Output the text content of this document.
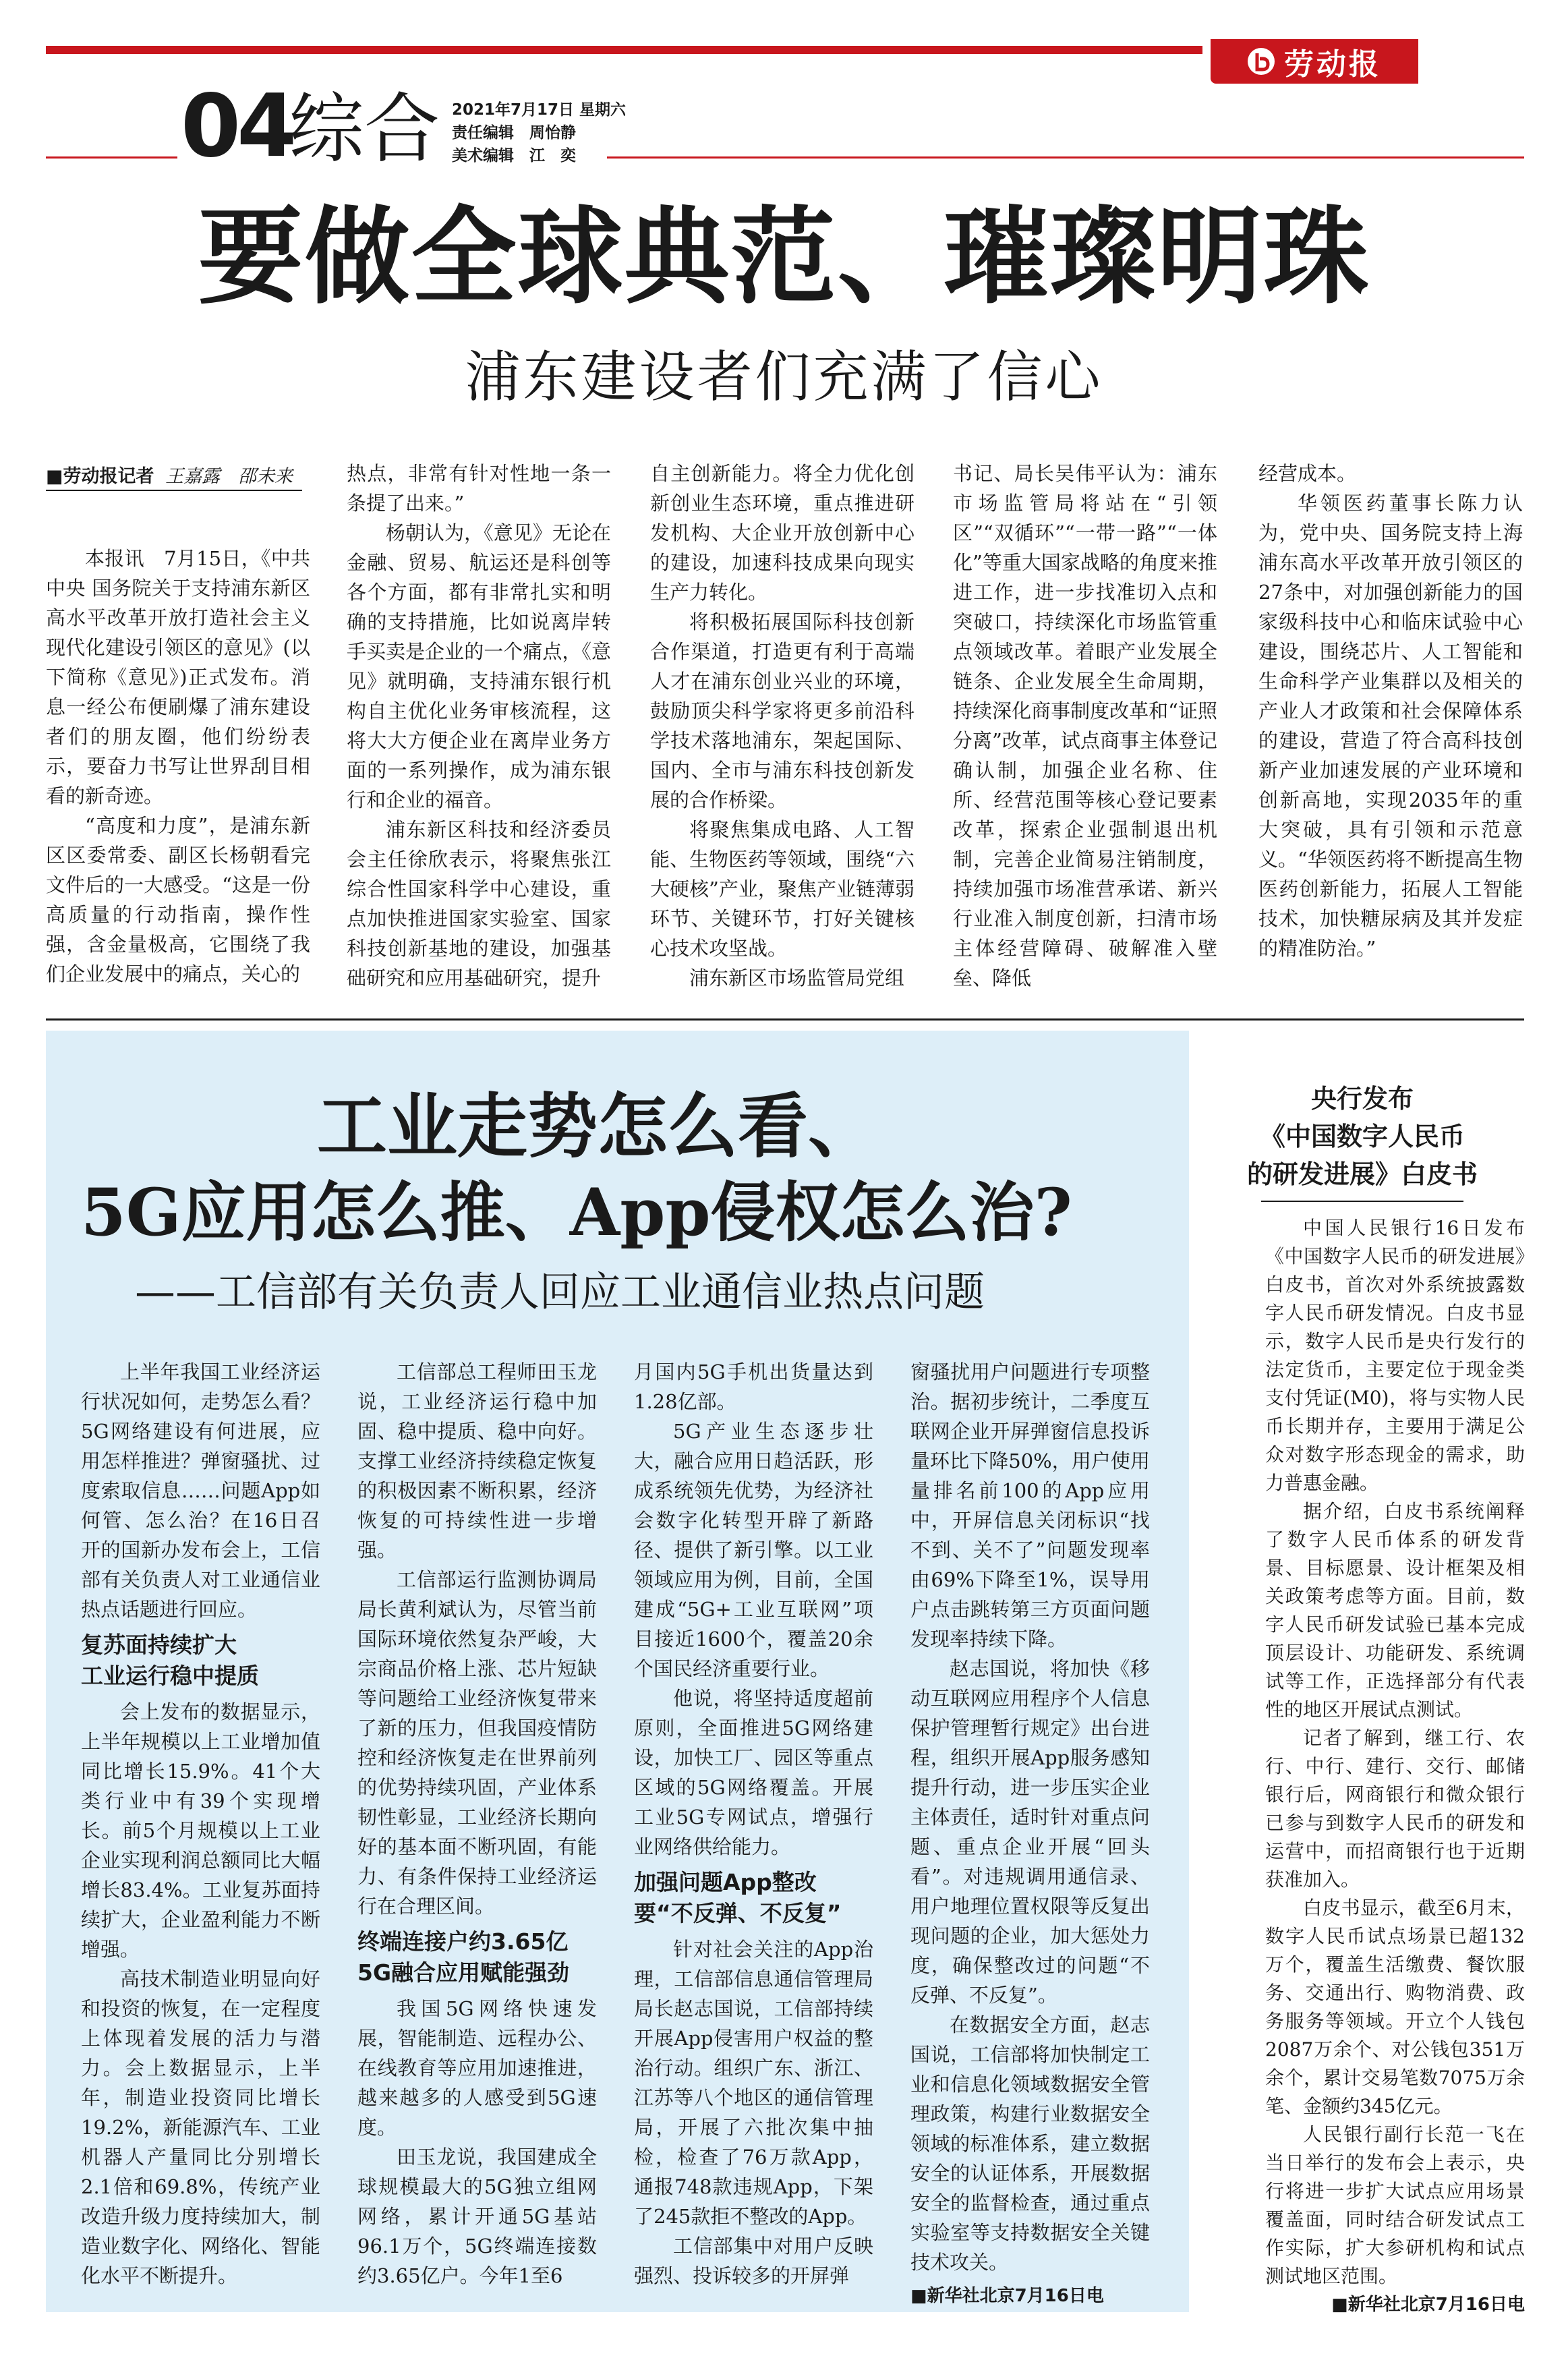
劳动报
04
综合 2021年7月17日 星期六
责任编辑　周怡静
美术编辑　江　奕
要做全球典范、璀璨明珠
浦东建设者们充满了信心
■劳动报记者 王嘉露　邵未来

本报讯　7月15日，《中共中央 国务院关于支持浦东新区高水平改革开放打造社会主义现代化建设引领区的意见》(以下简称《意见》)正式发布。消息一经公布便刷爆了浦东建设者们的朋友圈，他们纷纷表示，要奋力书写让世界刮目相看的新奇迹。

“高度和力度”，是浦东新区区委常委、副区长杨朝看完文件后的一大感受。“这是一份高质量的行动指南，操作性强，含金量极高，它围绕了我们企业发展中的痛点，关心的

热点，非常有针对性地一条一条提了出来。”

杨朝认为，《意见》无论在金融、贸易、航运还是科创等各个方面，都有非常扎实和明确的支持措施，比如说离岸转手买卖是企业的一个痛点，《意见》就明确，支持浦东银行机构自主优化业务审核流程，这将大大方便企业在离岸业务方面的一系列操作，成为浦东银行和企业的福音。

浦东新区科技和经济委员会主任徐欣表示，将聚焦张江综合性国家科学中心建设，重点加快推进国家实验室、国家科技创新基地的建设，加强基础研究和应用基础研究，提升

自主创新能力。将全力优化创新创业生态环境，重点推进研发机构、大企业开放创新中心的建设，加速科技成果向现实生产力转化。

将积极拓展国际科技创新合作渠道，打造更有利于高端人才在浦东创业兴业的环境，鼓励顶尖科学家将更多前沿科学技术落地浦东，架起国际、国内、全市与浦东科技创新发展的合作桥梁。

将聚焦集成电路、人工智能、生物医药等领域，围绕“六大硬核”产业，聚焦产业链薄弱环节、关键环节，打好关键核心技术攻坚战。

浦东新区市场监管局党组

书记、局长吴伟平认为：浦东市场监管局将站在“引领区”“双循环”“一带一路”“一体化”等重大国家战略的角度来推进工作，进一步找准切入点和突破口，持续深化市场监管重点领域改革。着眼产业发展全链条、企业发展全生命周期，持续深化商事制度改革和“证照分离”改革，试点商事主体登记确认制，加强企业名称、住所、经营范围等核心登记要素改革，探索企业强制退出机制，完善企业简易注销制度，持续加强市场准营承诺、新兴行业准入制度创新，扫清市场主体经营障碍、破解准入壁垒、降低

经营成本。

华领医药董事长陈力认为，党中央、国务院支持上海浦东高水平改革开放引领区的27条中，对加强创新能力的国家级科技中心和临床试验中心建设，围绕芯片、人工智能和生命科学产业集群以及相关的产业人才政策和社会保障体系的建设，营造了符合高科技创新产业加速发展的产业环境和创新高地，实现2035年的重大突破，具有引领和示范意义。“华领医药将不断提高生物医药创新能力，拓展人工智能技术，加快糖尿病及其并发症的精准防治。”

工业走势怎么看、
5G应用怎么推、App侵权怎么治?
——工信部有关负责人回应工业通信业热点问题

上半年我国工业经济运行状况如何，走势怎么看？5G网络建设有何进展，应用怎样推进？弹窗骚扰、过度索取信息……问题App如何管、怎么治？在16日召开的国新办发布会上，工信部有关负责人对工业通信业热点话题进行回应。

复苏面持续扩大
工业运行稳中提质

会上发布的数据显示，上半年规模以上工业增加值同比增长15.9%。41个大类行业中有39个实现增长。前5个月规模以上工业企业实现利润总额同比大幅增长83.4%。工业复苏面持续扩大，企业盈利能力不断增强。

高技术制造业明显向好和投资的恢复，在一定程度上体现着发展的活力与潜力。会上数据显示，上半年，制造业投资同比增长19.2%，新能源汽车、工业机器人产量同比分别增长2.1倍和69.8%，传统产业改造升级力度持续加大，制造业数字化、网络化、智能化水平不断提升。

工信部总工程师田玉龙说，工业经济运行稳中加固、稳中提质、稳中向好。支撑工业经济持续稳定恢复的积极因素不断积累，经济恢复的可持续性进一步增强。

工信部运行监测协调局局长黄利斌认为，尽管当前国际环境依然复杂严峻，大宗商品价格上涨、芯片短缺等问题给工业经济恢复带来了新的压力，但我国疫情防控和经济恢复走在世界前列的优势持续巩固，产业体系韧性彰显，工业经济长期向好的基本面不断巩固，有能力、有条件保持工业经济运行在合理区间。

终端连接户约3.65亿
5G融合应用赋能强劲

我国5G网络快速发展，智能制造、远程办公、在线教育等应用加速推进，越来越多的人感受到5G速度。

田玉龙说，我国建成全球规模最大的5G独立组网网络，累计开通5G基站96.1万个，5G终端连接数约3.65亿户。今年1至6

月国内5G手机出货量达到1.28亿部。

5G产业生态逐步壮大，融合应用日趋活跃，形成系统领先优势，为经济社会数字化转型开辟了新路径、提供了新引擎。以工业领域应用为例，目前，全国建成“5G+工业互联网”项目接近1600个，覆盖20余个国民经济重要行业。

他说，将坚持适度超前原则，全面推进5G网络建设，加快工厂、园区等重点区域的5G网络覆盖。开展工业5G专网试点，增强行业网络供给能力。

加强问题App整改
要“不反弹、不反复”

针对社会关注的App治理，工信部信息通信管理局局长赵志国说，工信部持续开展App侵害用户权益的整治行动。组织广东、浙江、江苏等八个地区的通信管理局，开展了六批次集中抽检，检查了76万款App，通报748款违规App，下架了245款拒不整改的App。

工信部集中对用户反映强烈、投诉较多的开屏弹

窗骚扰用户问题进行专项整治。据初步统计，二季度互联网企业开屏弹窗信息投诉量环比下降50%，用户使用量排名前100的App应用中，开屏信息关闭标识“找不到、关不了”问题发现率由69%下降至1%，误导用户点击跳转第三方页面问题发现率持续下降。

赵志国说，将加快《移动互联网应用程序个人信息保护管理暂行规定》出台进程，组织开展App服务感知提升行动，进一步压实企业主体责任，适时针对重点问题、重点企业开展“回头看”。对违规调用通信录、用户地理位置权限等反复出现问题的企业，加大惩处力度，确保整改过的问题“不反弹、不反复”。

在数据安全方面，赵志国说，工信部将加快制定工业和信息化领域数据安全管理政策，构建行业数据安全领域的标准体系，建立数据安全的认证体系，开展数据安全的监督检查，通过重点实验室等支持数据安全关键技术攻关。

■新华社北京7月16日电

央行发布
《中国数字人民币
的研发进展》白皮书

中国人民银行16日发布《中国数字人民币的研发进展》白皮书，首次对外系统披露数字人民币研发情况。白皮书显示，数字人民币是央行发行的法定货币，主要定位于现金类支付凭证(M0)，将与实物人民币长期并存，主要用于满足公众对数字形态现金的需求，助力普惠金融。

据介绍，白皮书系统阐释了数字人民币体系的研发背景、目标愿景、设计框架及相关政策考虑等方面。目前，数字人民币研发试验已基本完成顶层设计、功能研发、系统调试等工作，正选择部分有代表性的地区开展试点测试。

记者了解到，继工行、农行、中行、建行、交行、邮储银行后，网商银行和微众银行已参与到数字人民币的研发和运营中，而招商银行也于近期获准加入。

白皮书显示，截至6月末，数字人民币试点场景已超132万个，覆盖生活缴费、餐饮服务、交通出行、购物消费、政务服务等领域。开立个人钱包2087万余个、对公钱包351万余个，累计交易笔数7075万余笔、金额约345亿元。

人民银行副行长范一飞在当日举行的发布会上表示，央行将进一步扩大试点应用场景覆盖面，同时结合研发试点工作实际，扩大参研机构和试点测试地区范围。

■新华社北京7月16日电
